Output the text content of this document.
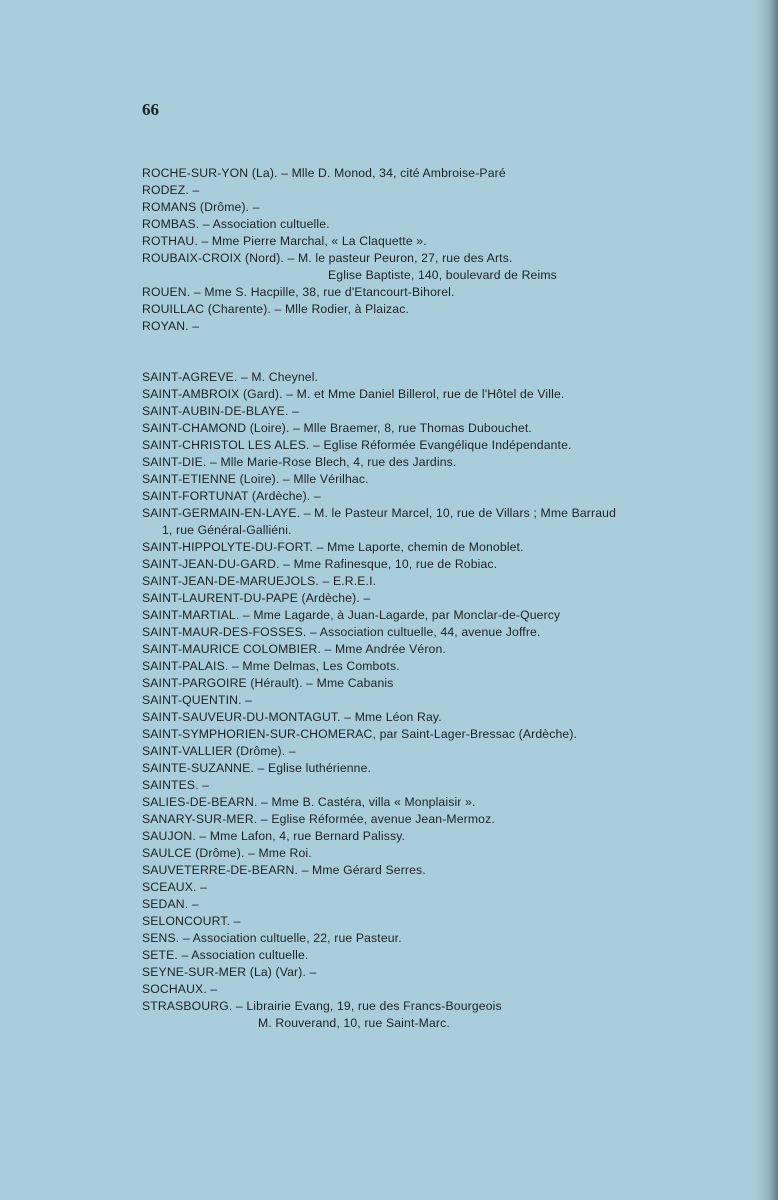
66
ROCHE-SUR-YON (La). – Mlle D. Monod, 34, cité Ambroise-Paré
RODEZ. –
ROMANS (Drôme). –
ROMBAS. – Association cultuelle.
ROTHAU. – Mme Pierre Marchal, « La Claquette ».
ROUBAIX-CROIX (Nord). – M. le pasteur Peuron, 27, rue des Arts.
Eglise Baptiste, 140, boulevard de Reims
ROUEN. – Mme S. Hacpille, 38, rue d'Etancourt-Bihorel.
ROUILLAC (Charente). – Mlle Rodier, à Plaizac.
ROYAN. –
SAINT-AGREVE. – M. Cheynel.
SAINT-AMBROIX (Gard). – M. et Mme Daniel Billerol, rue de l'Hôtel de Ville.
SAINT-AUBIN-DE-BLAYE. –
SAINT-CHAMOND (Loire). – Mlle Braemer, 8, rue Thomas Dubouchet.
SAINT-CHRISTOL LES ALES. – Eglise Réformée Evangélique Indépendante.
SAINT-DIE. – Mlle Marie-Rose Blech, 4, rue des Jardins.
SAINT-ETIENNE (Loire). – Mlle Vérilhac.
SAINT-FORTUNAT (Ardèche). –
SAINT-GERMAIN-EN-LAYE. – M. le Pasteur Marcel, 10, rue de Villars ; Mme Barraud
1, rue Général-Galliéni.
SAINT-HIPPOLYTE-DU-FORT. – Mme Laporte, chemin de Monoblet.
SAINT-JEAN-DU-GARD. – Mme Rafinesque, 10, rue de Robiac.
SAINT-JEAN-DE-MARUEJOLS. – E.R.E.I.
SAINT-LAURENT-DU-PAPE (Ardèche). –
SAINT-MARTIAL. – Mme Lagarde, à Juan-Lagarde, par Monclar-de-Quercy
SAINT-MAUR-DES-FOSSES. – Association cultuelle, 44, avenue Joffre.
SAINT-MAURICE COLOMBIER. – Mme Andrée Véron.
SAINT-PALAIS. – Mme Delmas, Les Combots.
SAINT-PARGOIRE (Hérault). – Mme Cabanis
SAINT-QUENTIN. –
SAINT-SAUVEUR-DU-MONTAGUT. – Mme Léon Ray.
SAINT-SYMPHORIEN-SUR-CHOMERAC, par Saint-Lager-Bressac (Ardèche).
SAINT-VALLIER (Drôme). –
SAINTE-SUZANNE. – Eglise luthérienne.
SAINTES. –
SALIES-DE-BEARN. – Mme B. Castéra, villa « Monplaisir ».
SANARY-SUR-MER. – Eglise Réformée, avenue Jean-Mermoz.
SAUJON. – Mme Lafon, 4, rue Bernard Palissy.
SAULCE (Drôme). – Mme Roi.
SAUVETERRE-DE-BEARN. – Mme Gérard Serres.
SCEAUX. –
SEDAN. –
SELONCOURT. –
SENS. – Association cultuelle, 22, rue Pasteur.
SETE. – Association cultuelle.
SEYNE-SUR-MER (La) (Var). –
SOCHAUX. –
STRASBOURG. – Librairie Evang, 19, rue des Francs-Bourgeois
M. Rouverand, 10, rue Saint-Marc.
